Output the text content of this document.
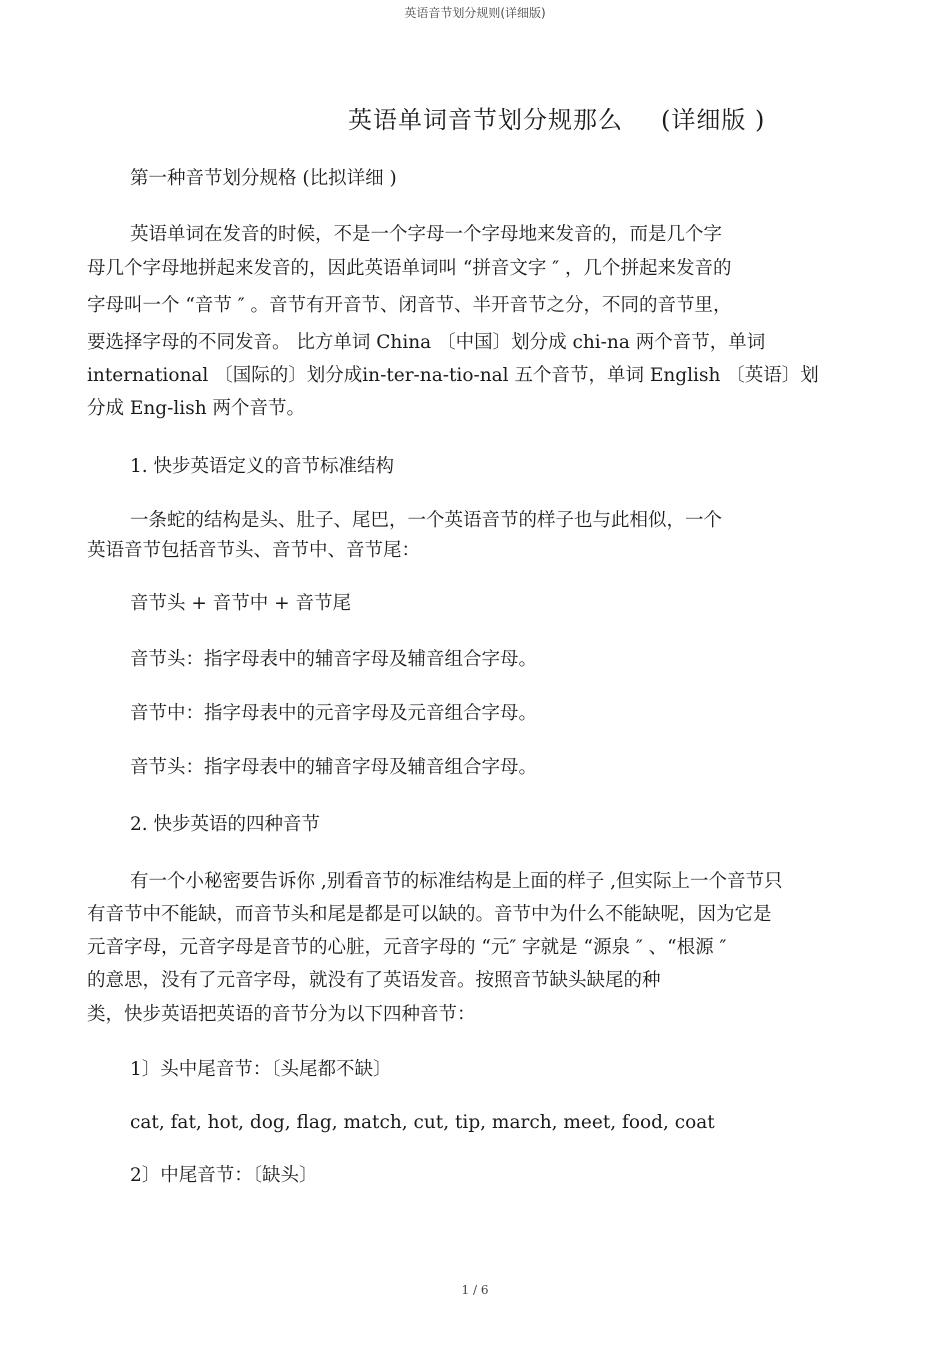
英语音节划分规则(详细版)
英语单词音节划分规那么 (详细版 )
第一种音节划分规格 (比拟详细 )
英语单词在发音的时候，不是一个字母一个字母地来发音的，而是几个字
母几个字母地拼起来发音的，因此英语单词叫 “拼音文字 ″ ，几个拼起来发音的
字母叫一个 “音节 ″ 。音节有开音节、闭音节、半开音节之分，不同的音节里，
要选择字母的不同发音。 比方单词 China 〔中国〕划分成 chi-na 两个音节，单词
international 〔国际的〕划分成in-ter-na-tio-nal 五个音节，单词 English 〔英语〕划
分成 Eng-lish 两个音节。
1. 快步英语定义的音节标准结构
一条蛇的结构是头、肚子、尾巴，一个英语音节的样子也与此相似，一个
英语音节包括音节头、音节中、音节尾：
音节头 + 音节中 + 音节尾
音节头：指字母表中的辅音字母及辅音组合字母。
音节中：指字母表中的元音字母及元音组合字母。
音节头：指字母表中的辅音字母及辅音组合字母。
2. 快步英语的四种音节
有一个小秘密要告诉你 ,别看音节的标准结构是上面的样子 ,但实际上一个音节只
有音节中不能缺，而音节头和尾是都是可以缺的。音节中为什么不能缺呢，因为它是
元音字母，元音字母是音节的心脏，元音字母的 “元″ 字就是 “源泉 ″ 、“根源 ″
的意思，没有了元音字母，就没有了英语发音。按照音节缺头缺尾的种
类，快步英语把英语的音节分为以下四种音节：
1〕头中尾音节：〔头尾都不缺〕
cat, fat, hot, dog, flag, match, cut, tip, march, meet, food, coat
2〕中尾音节：〔缺头〕
1 / 6
